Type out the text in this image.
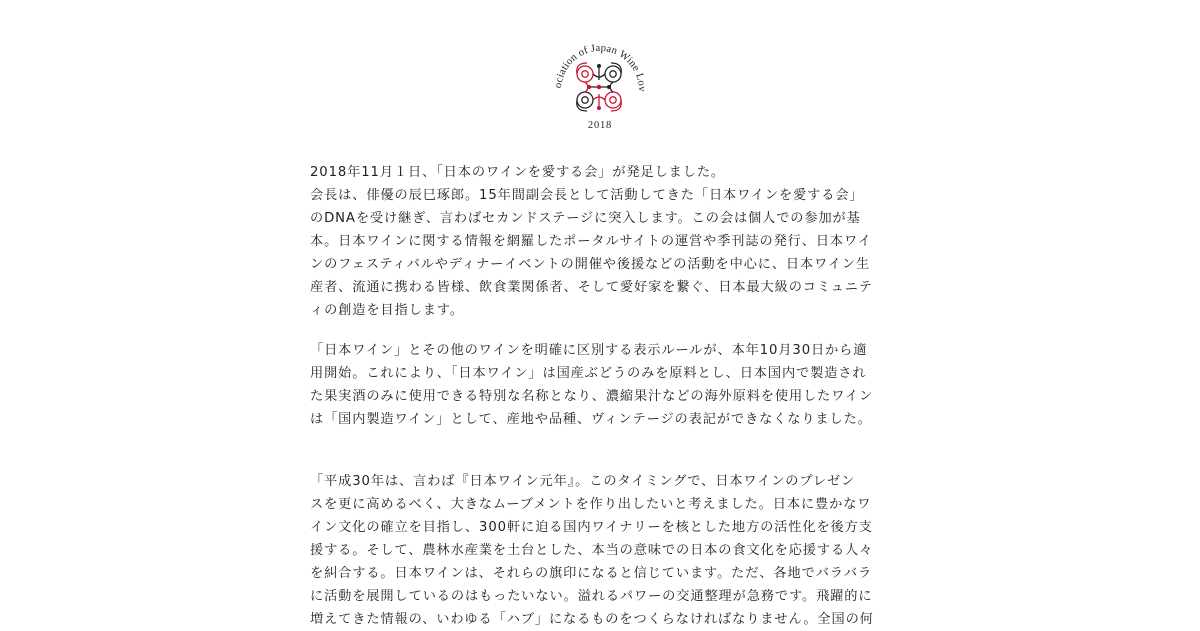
ociation of Japan Wine Lov
2018
2018年11月１日、「日本のワインを愛する会」が発足しました。
会長は、俳優の辰巳琢郎。15年間副会長として活動してきた「日本ワインを愛する会」
のDNAを受け継ぎ、言わばセカンドステージに突入します。この会は個人での参加が基
本。日本ワインに関する情報を網羅したポータルサイトの運営や季刊誌の発行、日本ワイ
ンのフェスティバルやディナーイベントの開催や後援などの活動を中心に、日本ワイン生
産者、流通に携わる皆様、飲食業関係者、そして愛好家を繋ぐ、日本最大級のコミュニテ
ィの創造を目指します。
「日本ワイン」とその他のワインを明確に区別する表示ルールが、本年10月30日から適
用開始。これにより、「日本ワイン」は国産ぶどうのみを原料とし、日本国内で製造され
た果実酒のみに使用できる特別な名称となり、濃縮果汁などの海外原料を使用したワイン
は「国内製造ワイン」として、産地や品種、ヴィンテージの表記ができなくなりました。
「平成30年は、言わば『日本ワイン元年』。このタイミングで、日本ワインのプレゼン
スを更に高めるべく、大きなムーブメントを作り出したいと考えました。日本に豊かなワ
イン文化の確立を目指し、300軒に迫る国内ワイナリーを核とした地方の活性化を後方支
援する。そして、農林水産業を土台とした、本当の意味での日本の食文化を応援する人々
を糾合する。日本ワインは、それらの旗印になると信じています。ただ、各地でバラバラ
に活動を展開しているのはもったいない。溢れるパワーの交通整理が急務です。飛躍的に
増えてきた情報の、いわゆる「ハブ」になるものをつくらなければなりません。全国の何
